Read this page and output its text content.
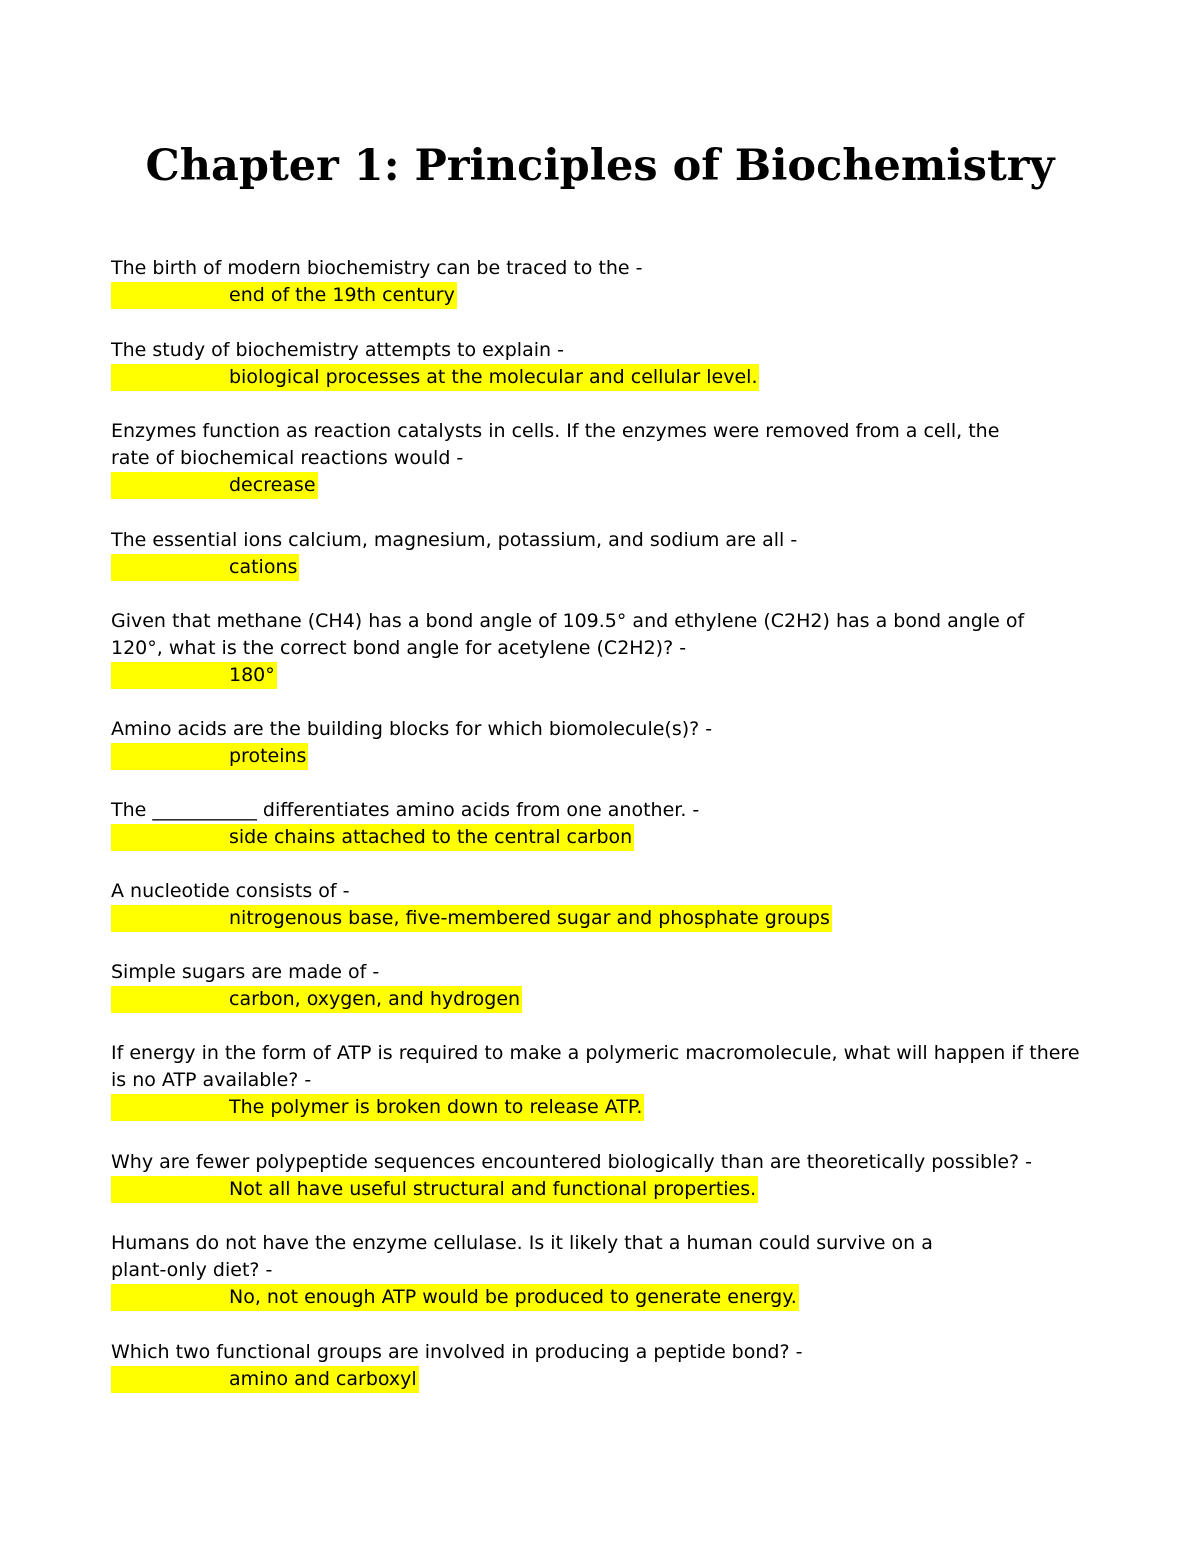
Chapter 1: Principles of Biochemistry

The birth of modern biochemistry can be traced to the -

end of the 19th century

The study of biochemistry attempts to explain -

biological processes at the molecular and cellular level.

Enzymes function as reaction catalysts in cells. If the enzymes were removed from a cell, the

rate of biochemical reactions would -

decrease

The essential ions calcium, magnesium, potassium, and sodium are all -

cations

Given that methane (CH4) has a bond angle of 109.5° and ethylene (C2H2) has a bond angle of

120°, what is the correct bond angle for acetylene (C2H2)? -

180°

Amino acids are the building blocks for which biomolecule(s)? -

proteins

The ___________ differentiates amino acids from one another. -

side chains attached to the central carbon

A nucleotide consists of -

nitrogenous base, five-membered sugar and phosphate groups

Simple sugars are made of -

carbon, oxygen, and hydrogen

If energy in the form of ATP is required to make a polymeric macromolecule, what will happen if there

is no ATP available? -

The polymer is broken down to release ATP.

Why are fewer polypeptide sequences encountered biologically than are theoretically possible? -

Not all have useful structural and functional properties.

Humans do not have the enzyme cellulase. Is it likely that a human could survive on a

plant-only diet? -

No, not enough ATP would be produced to generate energy.

Which two functional groups are involved in producing a peptide bond? -

amino and carboxyl
